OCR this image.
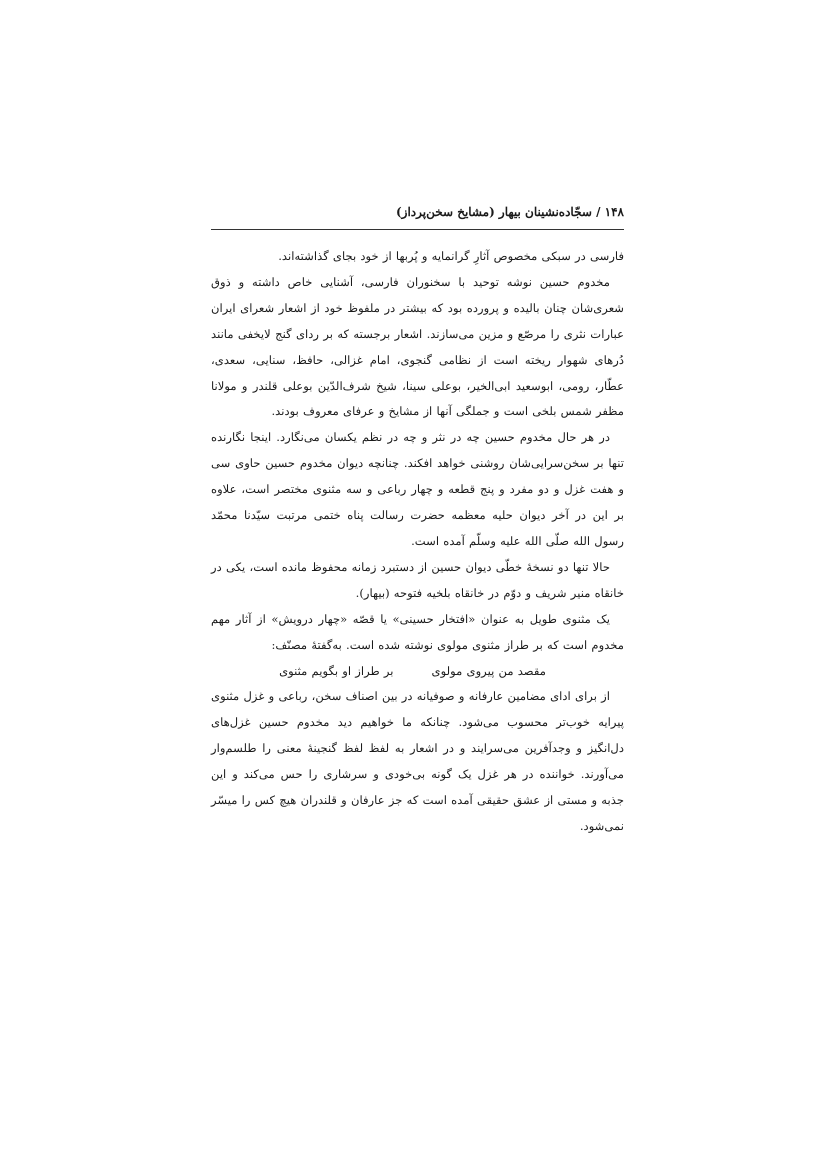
۱۴۸ / سجّاده‌نشینان بیهار (مشایخ سخن‌پرداز)

فارسی در سبکی مخصوص آثارِ گرانمایه و پُربها از خود بجای گذاشته‌اند.

مخدوم حسین نوشه توحید با سخنوران فارسی، آشنایی خاص داشته و ذوق شعری‌شان چنان بالیده و پرورده بود که بیشتر در ملفوظ خود از اشعار شعرای ایران عبارات نثری را مرصّع و مزین می‌سازند. اشعار برجسته که بر ردای گنج لایخفی مانند دُرهای شهوار ریخته است از نظامی گنجوی، امام غزالی، حافظ، سنایی، سعدی، عطّار، رومی، ابوسعید ابی‌الخیر، بوعلی سینا، شیخ شرف‌الدّین بوعلی قلندر و مولانا مظفر شمس بلخی است و جملگی آنها از مشایخ و عرفای معروف بودند.

در هر حال مخدوم حسین چه در نثر و چه در نظم یکسان می‌نگارد. اینجا نگارنده تنها بر سخن‌سرایی‌شان روشنی خواهد افکند. چنانچه دیوان مخدوم حسین حاوی سی و هفت غزل و دو مفرد و پنج قطعه و چهار رباعی و سه مثنوی مختصر است، علاوه بر این در آخر دیوان حلیه معظمه حضرت رسالت پناه ختمی مرتبت سیّدنا محمّد رسول الله صلّی الله علیه وسلّم آمده است.

حالا تنها دو نسخهٔ خطّی دیوان حسین از دستبرد زمانه محفوظ مانده است، یکی در خانقاه منیر شریف و دوّم در خانقاه بلخیه فتوحه (بیهار).

یک مثنوی طویل به عنوان «افتخار حسینی» یا قصّه «چهار درویش» از آثار مهم مخدوم است که بر طراز مثنوی مولوی نوشته شده است. به‌گفتهٔ مصنّف:

مقصد من پیروی مولوی
بر طراز او بگویم مثنوی

از برای ادای مضامین عارفانه و صوفیانه در بین اصناف سخن، رباعی و غزل مثنوی پیرایه خوب‌تر محسوب می‌شود. چنانکه ما خواهیم دید مخدوم حسین غزل‌های دل‌انگیز و وجدآفرین می‌سرایند و در اشعار به لفظ لفظ گنجینهٔ معنی را طلسم‌وار می‌آورند. خواننده در هر غزل یک گونه بی‌خودی و سرشاری را حس می‌کند و این جذبه و مستی از عشق حقیقی آمده است که جز عارفان و قلندران هیچ کس را میسّر نمی‌شود.
